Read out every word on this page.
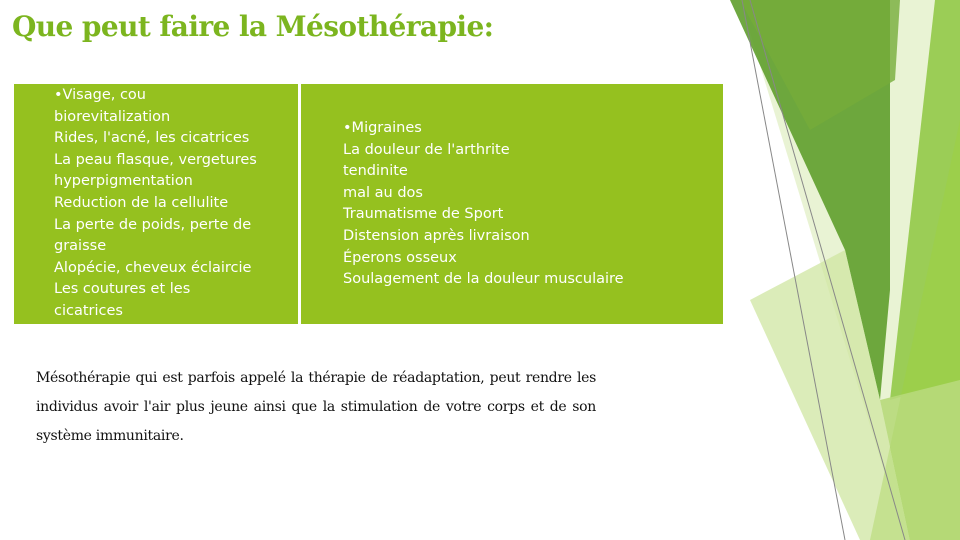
Que peut faire la Mésothérapie:
•Visage, cou
biorevitalization
Rides, l'acné, les cicatrices
La peau flasque, vergetures
hyperpigmentation
Reduction de la cellulite
La perte de poids, perte de
graisse
Alopécie, cheveux éclaircie
Les coutures et les
cicatrices
•Migraines
La douleur de l'arthrite
tendinite
mal au dos
Traumatisme de Sport
Distension après livraison
Éperons osseux
Soulagement de la douleur musculaire

Mésothérapie qui est parfois appelé la thérapie de réadaptation, peut rendre les individus avoir l'air plus jeune ainsi que la stimulation de votre corps et de son système immunitaire.
